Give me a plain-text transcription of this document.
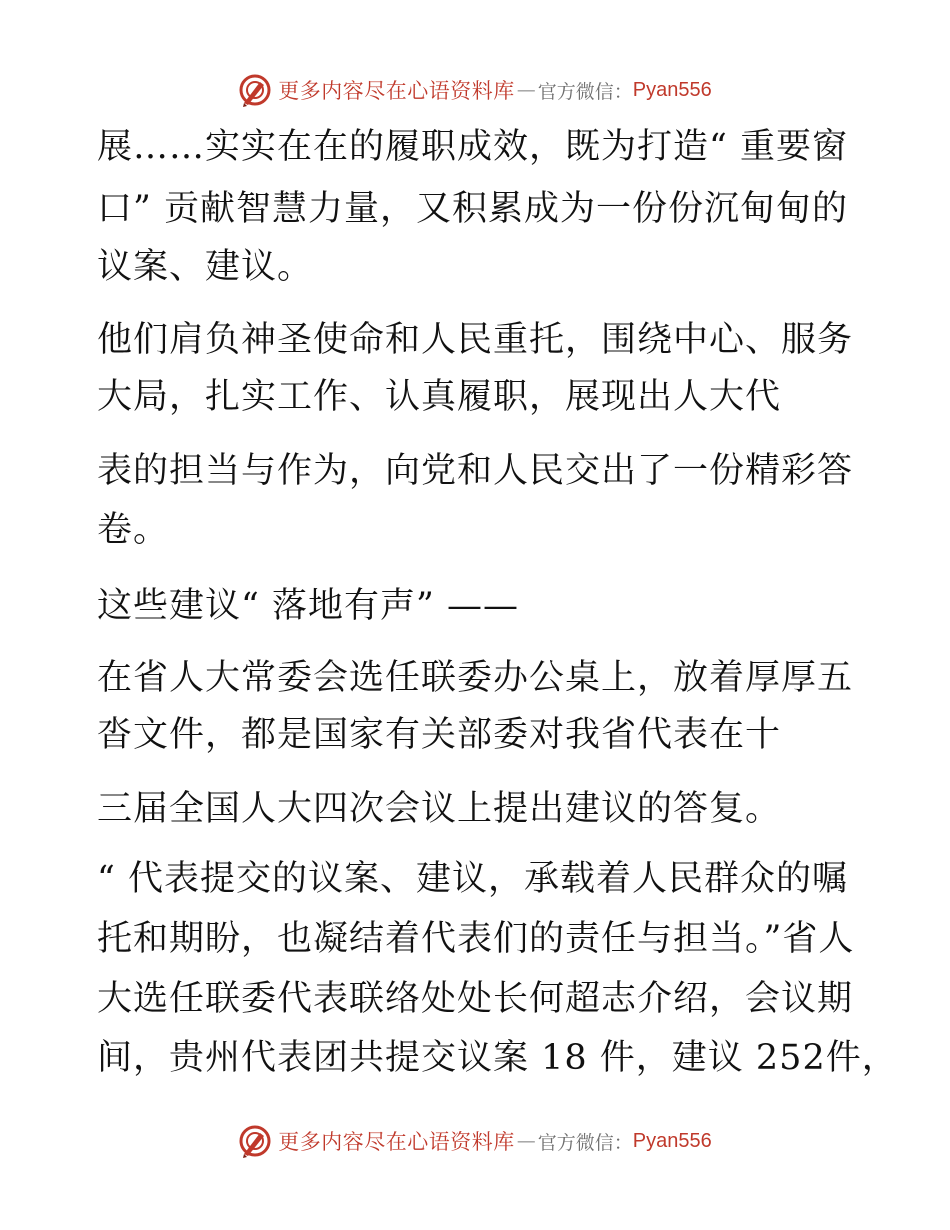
更多内容尽在心语资料库 — 官方微信： Pyan556
展……实实在在的履职成效，既为打造“ 重要窗
口” 贡献智慧力量，又积累成为一份份沉甸甸的
议案、建议。
他们肩负神圣使命和人民重托，围绕中心、服务
大局，扎实工作、认真履职，展现出人大代
表的担当与作为，向党和人民交出了一份精彩答
卷。
这些建议“ 落地有声” ——
在省人大常委会选任联委办公桌上，放着厚厚五
沓文件，都是国家有关部委对我省代表在十
三届全国人大四次会议上提出建议的答复。
“ 代表提交的议案、建议，承载着人民群众的嘱
托和期盼，也凝结着代表们的责任与担当。”省人
大选任联委代表联络处处长何超志介绍，会议期
间，贵州代表团共提交议案 18 件，建议 252件，
更多内容尽在心语资料库 — 官方微信： Pyan556
